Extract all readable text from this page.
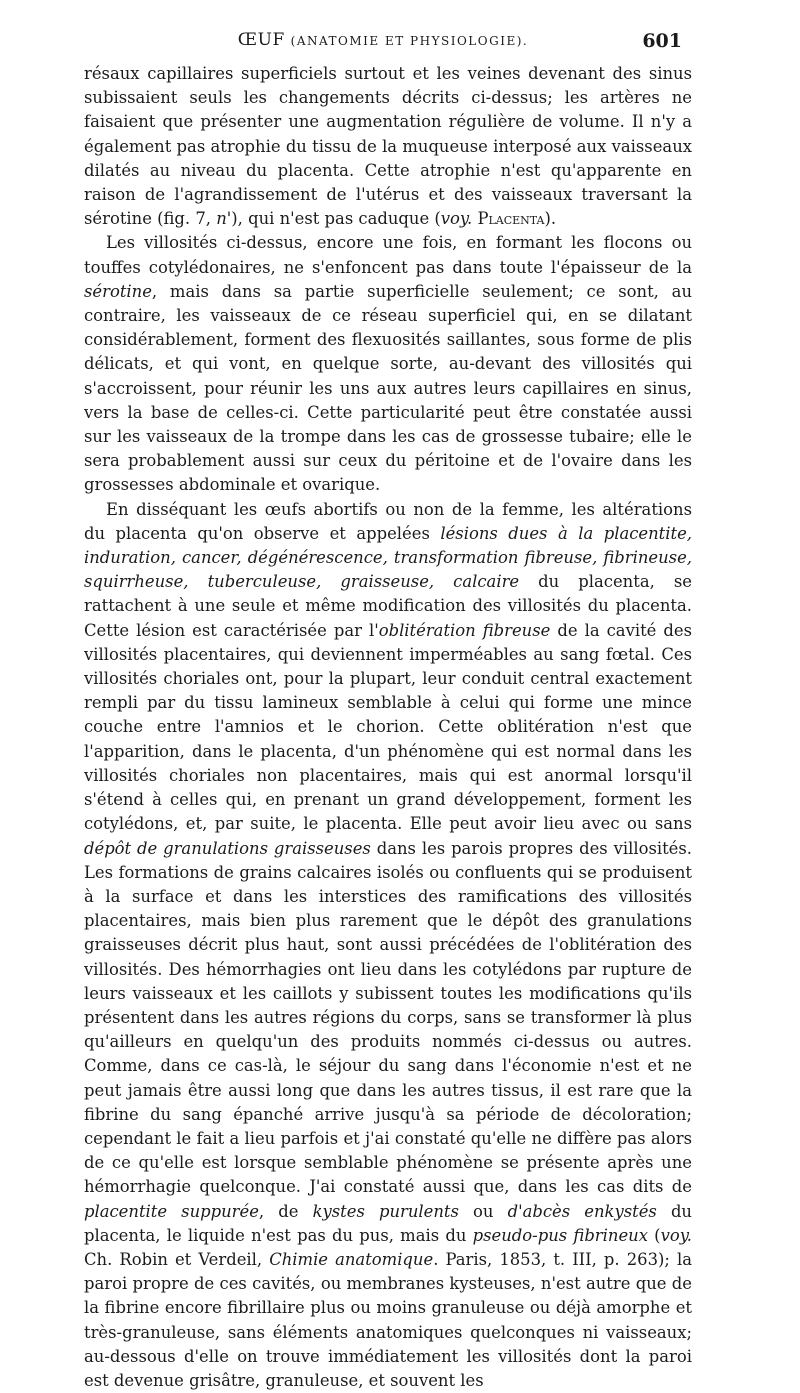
ŒUF (ANATOMIE ET PHYSIOLOGIE).	601

résaux capillaires superficiels surtout et les veines devenant des sinus subissaient seuls les changements décrits ci-dessus; les artères ne faisaient que présenter une augmentation régulière de volume. Il n'y a également pas atrophie du tissu de la muqueuse interposé aux vaisseaux dilatés au niveau du placenta. Cette atrophie n'est qu'apparente en raison de l'agrandissement de l'utérus et des vaisseaux traversant la sérotine (fig. 7, n'), qui n'est pas caduque (voy. Placenta).

Les villosités ci-dessus, encore une fois, en formant les flocons ou touffes cotylédonaires, ne s'enfoncent pas dans toute l'épaisseur de la sérotine, mais dans sa partie superficielle seulement; ce sont, au contraire, les vaisseaux de ce réseau superficiel qui, en se dilatant considérablement, forment des flexuosités saillantes, sous forme de plis délicats, et qui vont, en quelque sorte, au-devant des villosités qui s'accroissent, pour réunir les uns aux autres leurs capillaires en sinus, vers la base de celles-ci. Cette particularité peut être constatée aussi sur les vaisseaux de la trompe dans les cas de grossesse tubaire; elle le sera probablement aussi sur ceux du péritoine et de l'ovaire dans les grossesses abdominale et ovarique.

En disséquant les œufs abortifs ou non de la femme, les altérations du placenta qu'on observe et appelées lésions dues à la placentite, induration, cancer, dégénérescence, transformation fibreuse, fibrineuse, squirrheuse, tuberculeuse, graisseuse, calcaire du placenta, se rattachent à une seule et même modification des villosités du placenta. Cette lésion est caractérisée par l'oblitération fibreuse de la cavité des villosités placentaires, qui deviennent imperméables au sang fœtal. Ces villosités choriales ont, pour la plupart, leur conduit central exactement rempli par du tissu lamineux semblable à celui qui forme une mince couche entre l'amnios et le chorion. Cette oblitération n'est que l'apparition, dans le placenta, d'un phénomène qui est normal dans les villosités choriales non placentaires, mais qui est anormal lorsqu'il s'étend à celles qui, en prenant un grand développement, forment les cotylédons, et, par suite, le placenta. Elle peut avoir lieu avec ou sans dépôt de granulations graisseuses dans les parois propres des villosités. Les formations de grains calcaires isolés ou confluents qui se produisent à la surface et dans les interstices des ramifications des villosités placentaires, mais bien plus rarement que le dépôt des granulations graisseuses décrit plus haut, sont aussi précédées de l'oblitération des villosités. Des hémorrhagies ont lieu dans les cotylédons par rupture de leurs vaisseaux et les caillots y subissent toutes les modifications qu'ils présentent dans les autres régions du corps, sans se transformer là plus qu'ailleurs en quelqu'un des produits nommés ci-dessus ou autres. Comme, dans ce cas-là, le séjour du sang dans l'économie n'est et ne peut jamais être aussi long que dans les autres tissus, il est rare que la fibrine du sang épanché arrive jusqu'à sa période de décoloration; cependant le fait a lieu parfois et j'ai constaté qu'elle ne diffère pas alors de ce qu'elle est lorsque semblable phénomène se présente après une hémorrhagie quelconque. J'ai constaté aussi que, dans les cas dits de placentite suppurée, de kystes purulents ou d'abcès enkystés du placenta, le liquide n'est pas du pus, mais du pseudo-pus fibrineux (voy. Ch. Robin et Verdeil, Chimie anatomique. Paris, 1853, t. III, p. 263); la paroi propre de ces cavités, ou membranes kysteuses, n'est autre que de la fibrine encore fibrillaire plus ou moins granuleuse ou déjà amorphe et très-granuleuse, sans éléments anatomiques quelconques ni vaisseaux; au-dessous d'elle on trouve immédiatement les villosités dont la paroi est devenue grisâtre, granuleuse, et souvent les
